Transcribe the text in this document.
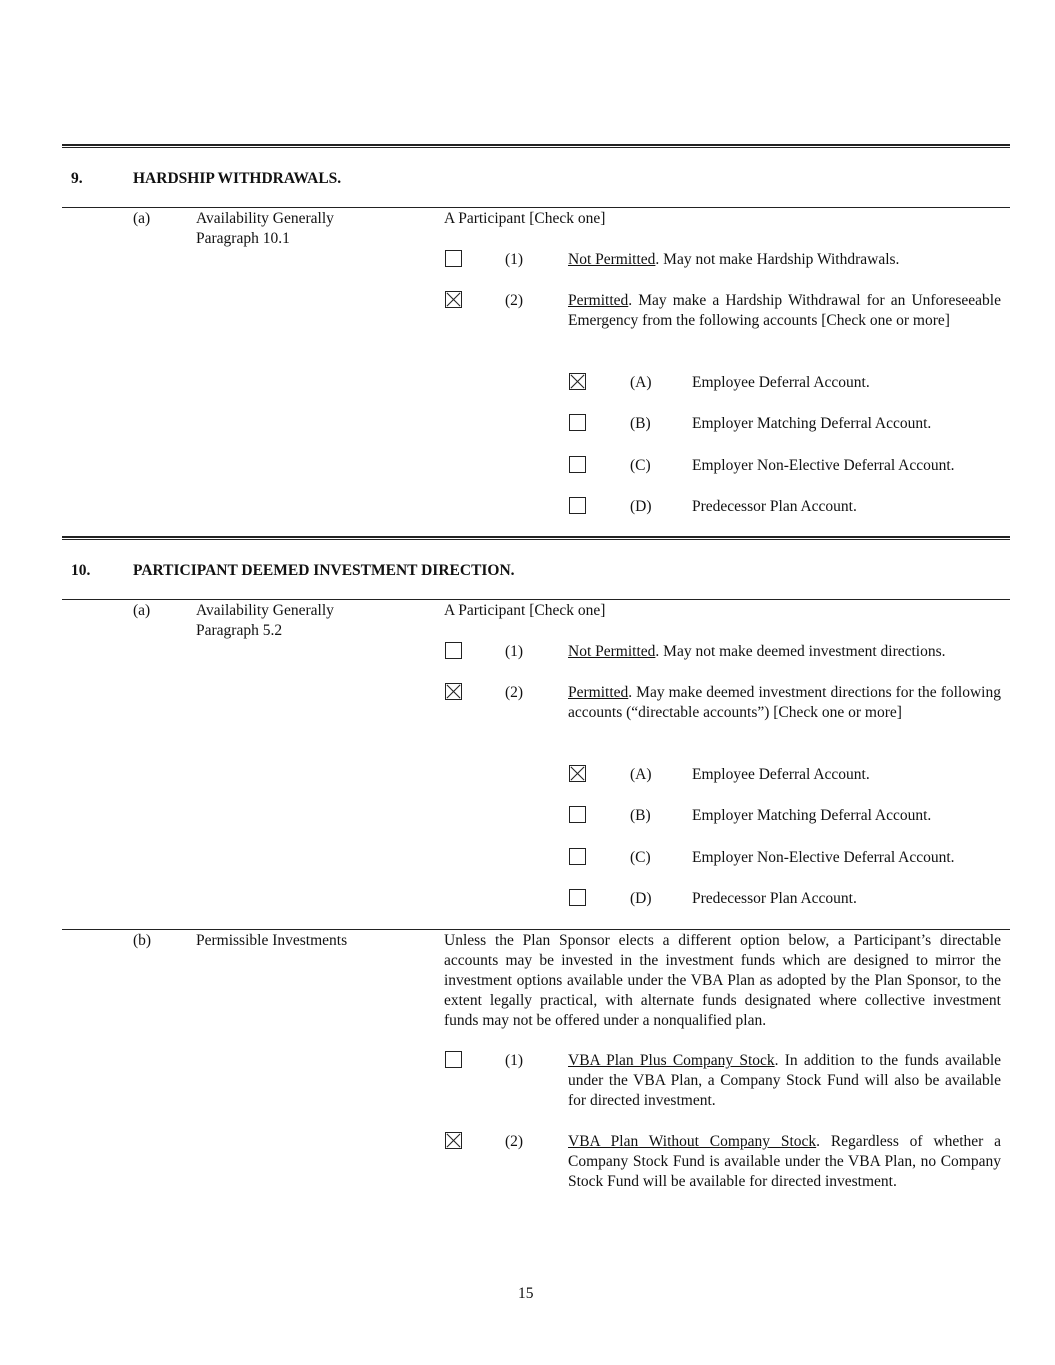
9.	HARDSHIP WITHDRAWALS.
(a)	Availability Generally
Paragraph 10.1
A Participant [Check one]
(1)	Not Permitted. May not make Hardship Withdrawals.
(2)	Permitted. May make a Hardship Withdrawal for an Unforeseeable Emergency from the following accounts [Check one or more]
(A)	Employee Deferral Account.
(B)	Employer Matching Deferral Account.
(C)	Employer Non-Elective Deferral Account.
(D)	Predecessor Plan Account.
10.	PARTICIPANT DEEMED INVESTMENT DIRECTION.
(a)	Availability Generally
Paragraph 5.2
A Participant [Check one]
(1)	Not Permitted. May not make deemed investment directions.
(2)	Permitted. May make deemed investment directions for the following accounts (“directable accounts”) [Check one or more]
(A)	Employee Deferral Account.
(B)	Employer Matching Deferral Account.
(C)	Employer Non-Elective Deferral Account.
(D)	Predecessor Plan Account.
(b)	Permissible Investments	Unless the Plan Sponsor elects a different option below, a Participant’s directable accounts may be invested in the investment funds which are designed to mirror the investment options available under the VBA Plan as adopted by the Plan Sponsor, to the extent legally practical, with alternate funds designated where collective investment funds may not be offered under a nonqualified plan.
(1)	VBA Plan Plus Company Stock. In addition to the funds available under the VBA Plan, a Company Stock Fund will also be available for directed investment.
(2)	VBA Plan Without Company Stock. Regardless of whether a Company Stock Fund is available under the VBA Plan, no Company Stock Fund will be available for directed investment.
15
